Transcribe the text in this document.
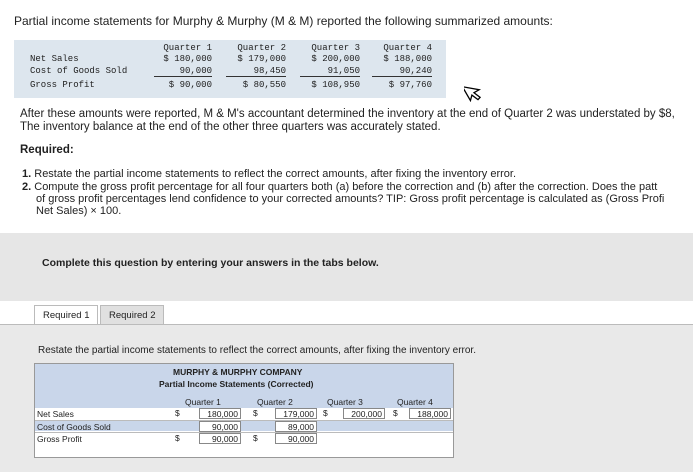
Partial income statements for Murphy & Murphy (M & M) reported the following summarized amounts:
Quarter 1	Quarter 2	Quarter 3	Quarter 4
Net Sales	$ 180,000	$ 179,000	$ 200,000	$ 188,000
Cost of Goods Sold	90,000	98,450	91,050	90,240
Gross Profit	$ 90,000	$ 80,550	$ 108,950	$ 97,760
After these amounts were reported, M & M's accountant determined the inventory at the end of Quarter 2 was understated by $8,
The inventory balance at the end of the other three quarters was accurately stated.
Required:
1. Restate the partial income statements to reflect the correct amounts, after fixing the inventory error.
2. Compute the gross profit percentage for all four quarters both (a) before the correction and (b) after the correction. Does the patt
of gross profit percentages lend confidence to your corrected amounts? TIP: Gross profit percentage is calculated as (Gross Profi
Net Sales) × 100.
Complete this question by entering your answers in the tabs below.
Required 1	Required 2
Restate the partial income statements to reflect the correct amounts, after fixing the inventory error.
MURPHY & MURPHY COMPANY
Partial Income Statements (Corrected)
Quarter 1	Quarter 2	Quarter 3	Quarter 4
Net Sales	$	180,000	$	179,000	$	200,000	$	188,000
Cost of Goods Sold	90,000	89,000
Gross Profit	$	90,000	$	90,000
